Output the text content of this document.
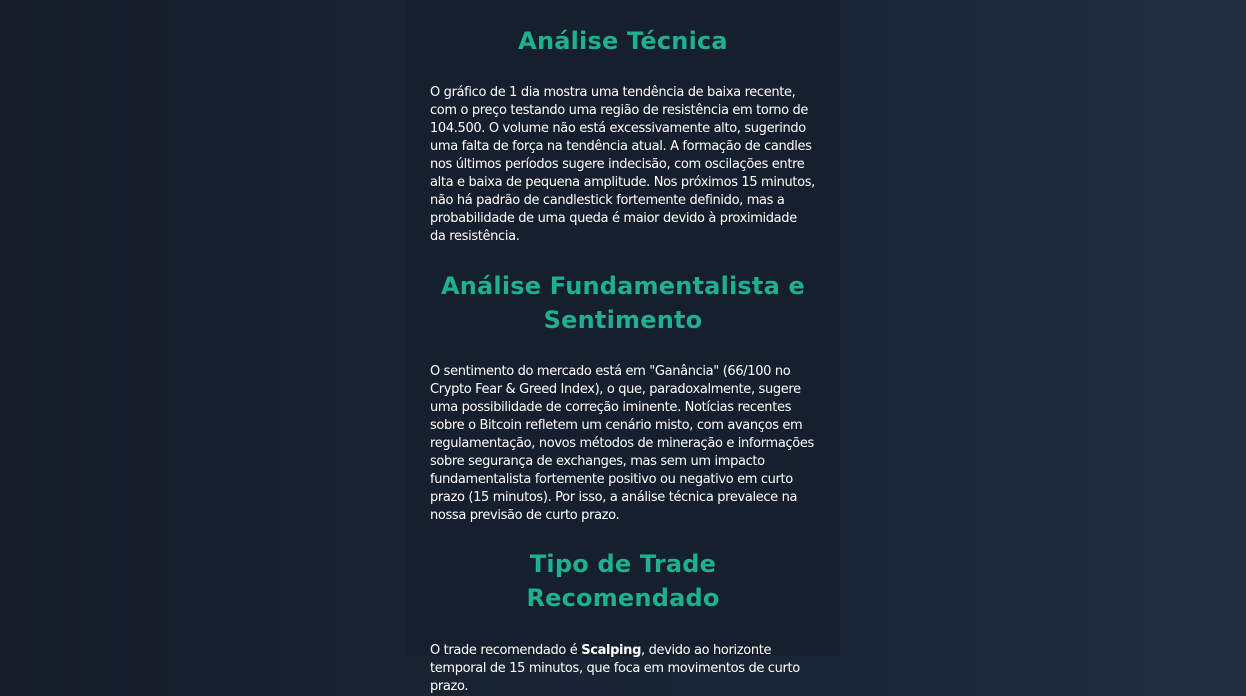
Análise Técnica

O gráfico de 1 dia mostra uma tendência de baixa recente, com o preço testando uma região de resistência em torno de 104.500. O volume não está excessivamente alto, sugerindo uma falta de força na tendência atual. A formação de candles nos últimos períodos sugere indecisão, com oscilações entre alta e baixa de pequena amplitude. Nos próximos 15 minutos, não há padrão de candlestick fortemente definido, mas a probabilidade de uma queda é maior devido à proximidade da resistência.

Análise Fundamentalista e Sentimento

O sentimento do mercado está em "Ganância" (66/100 no Crypto Fear & Greed Index), o que, paradoxalmente, sugere uma possibilidade de correção iminente. Notícias recentes sobre o Bitcoin refletem um cenário misto, com avanços em regulamentação, novos métodos de mineração e informações sobre segurança de exchanges, mas sem um impacto fundamentalista fortemente positivo ou negativo em curto prazo (15 minutos). Por isso, a análise técnica prevalece na nossa previsão de curto prazo.

Tipo de Trade Recomendado

O trade recomendado é Scalping, devido ao horizonte temporal de 15 minutos, que foca em movimentos de curto prazo.
